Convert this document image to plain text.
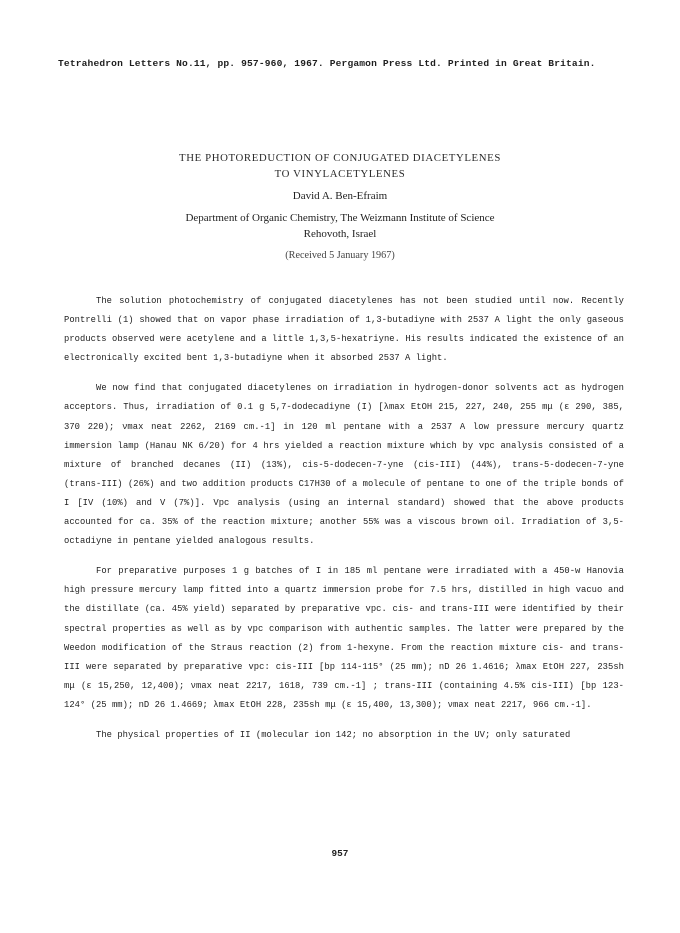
Tetrahedron Letters No.11, pp. 957-960, 1967. Pergamon Press Ltd. Printed in Great Britain.
THE PHOTOREDUCTION OF CONJUGATED DIACETYLENES
TO VINYLACETYLENES
David A. Ben-Efraim
Department of Organic Chemistry, The Weizmann Institute of Science
Rehovoth, Israel
(Received 5 January 1967)

The solution photochemistry of conjugated diacetylenes has not been studied until now. Recently Pontrelli (1) showed that on vapor phase irradiation of 1,3-butadiyne with 2537 A light the only gaseous products observed were acetylene and a little 1,3,5-hexatriyne. His results indicated the existence of an electronically excited bent 1,3-butadiyne when it absorbed 2537 A light.

We now find that conjugated diacetylenes on irradiation in hydrogen-donor solvents act as hydrogen acceptors. Thus, irradiation of 0.1 g 5,7-dodecadiyne (I) [λmax EtOH 215, 227, 240, 255 mμ (ε 290, 385, 370 220); νmax neat 2262, 2169 cm.-1] in 120 ml pentane with a 2537 A low pressure mercury quartz immersion lamp (Hanau NK 6/20) for 4 hrs yielded a reaction mixture which by vpc analysis consisted of a mixture of branched decanes (II) (13%), cis-5-dodecen-7-yne (cis-III) (44%), trans-5-dodecen-7-yne (trans-III) (26%) and two addition products C17H30 of a molecule of pentane to one of the triple bonds of I [IV (10%) and V (7%)]. Vpc analysis (using an internal standard) showed that the above products accounted for ca. 35% of the reaction mixture; another 55% was a viscous brown oil. Irradiation of 3,5-octadiyne in pentane yielded analogous results.

For preparative purposes 1 g batches of I in 185 ml pentane were irradiated with a 450-w Hanovia high pressure mercury lamp fitted into a quartz immersion probe for 7.5 hrs, distilled in high vacuo and the distillate (ca. 45% yield) separated by preparative vpc. cis- and trans-III were identified by their spectral properties as well as by vpc comparison with authentic samples. The latter were prepared by the Weedon modification of the Straus reaction (2) from 1-hexyne. From the reaction mixture cis- and trans-III were separated by preparative vpc: cis-III [bp 114-115° (25 mm); nD 26 1.4616; λmax EtOH 227, 235sh mμ (ε 15,250, 12,400); νmax neat 2217, 1618, 739 cm.-1] ; trans-III (containing 4.5% cis-III) [bp 123-124° (25 mm); nD 26 1.4669; λmax EtOH 228, 235sh mμ (ε 15,400, 13,300); νmax neat 2217, 966 cm.-1].

The physical properties of II (molecular ion 142; no absorption in the UV; only saturated

957
